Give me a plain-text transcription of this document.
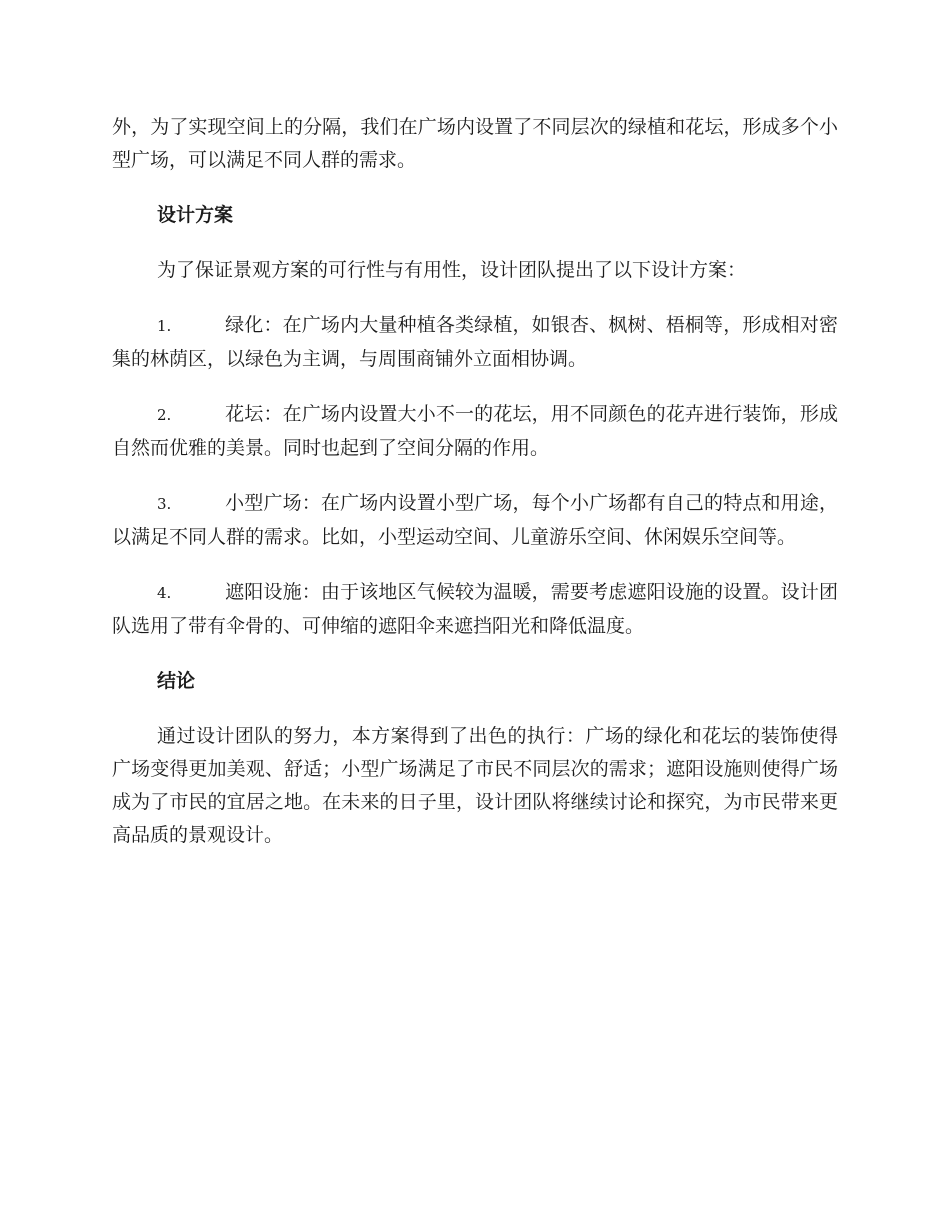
外，为了实现空间上的分隔，我们在广场内设置了不同层次的绿植和花坛，形成多个小型广场，可以满足不同人群的需求。

设计方案

为了保证景观方案的可行性与有用性，设计团队提出了以下设计方案：

1.	绿化：在广场内大量种植各类绿植，如银杏、枫树、梧桐等，形成相对密集的林荫区，以绿色为主调，与周围商铺外立面相协调。

2.	花坛：在广场内设置大小不一的花坛，用不同颜色的花卉进行装饰，形成自然而优雅的美景。同时也起到了空间分隔的作用。

3.	小型广场：在广场内设置小型广场，每个小广场都有自己的特点和用途，以满足不同人群的需求。比如，小型运动空间、儿童游乐空间、休闲娱乐空间等。

4.	遮阳设施：由于该地区气候较为温暖，需要考虑遮阳设施的设置。设计团队选用了带有伞骨的、可伸缩的遮阳伞来遮挡阳光和降低温度。

结论

通过设计团队的努力，本方案得到了出色的执行：广场的绿化和花坛的装饰使得广场变得更加美观、舒适；小型广场满足了市民不同层次的需求；遮阳设施则使得广场成为了市民的宜居之地。在未来的日子里，设计团队将继续讨论和探究，为市民带来更高品质的景观设计。
